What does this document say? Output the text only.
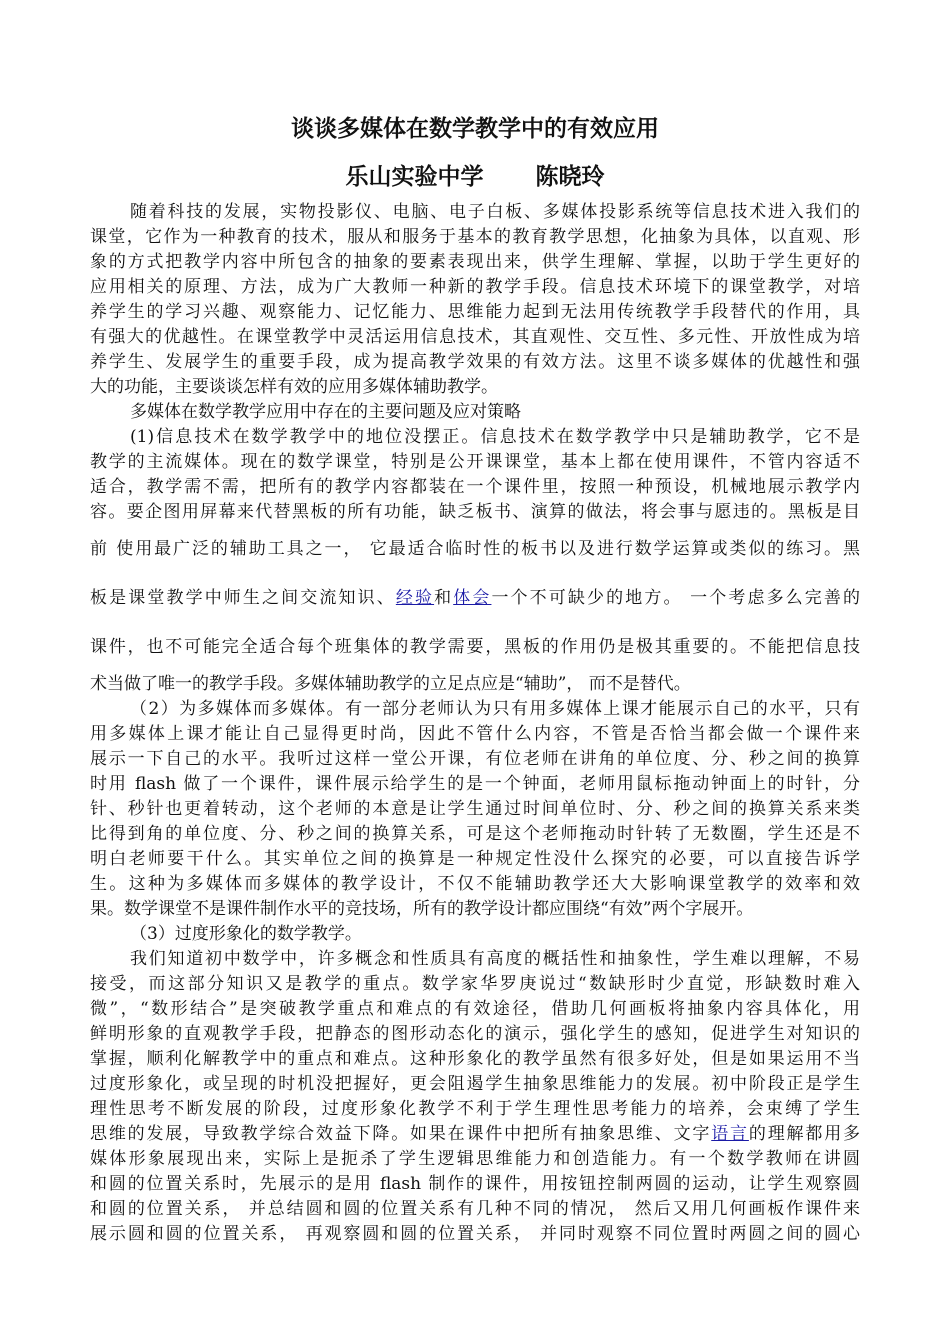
谈谈多媒体在数学教学中的有效应用
乐山实验中学 陈晓玲
随着科技的发展，实物投影仪、电脑、电子白板、多媒体投影系统等信息技术进入我们的
课堂，它作为一种教育的技术，服从和服务于基本的教育教学思想，化抽象为具体，以直观、形
象的方式把教学内容中所包含的抽象的要素表现出来，供学生理解、掌握，以助于学生更好的
应用相关的原理、方法，成为广大教师一种新的教学手段。信息技术环境下的课堂教学，对培
养学生的学习兴趣、观察能力、记忆能力、思维能力起到无法用传统教学手段替代的作用，具
有强大的优越性。在课堂教学中灵活运用信息技术，其直观性、交互性、多元性、开放性成为培
养学生、发展学生的重要手段，成为提高教学效果的有效方法。这里不谈多媒体的优越性和强
大的功能，主要谈谈怎样有效的应用多媒体辅助教学。
多媒体在数学教学应用中存在的主要问题及应对策略
(1)信息技术在数学教学中的地位没摆正。信息技术在数学教学中只是辅助教学，它不是
教学的主流媒体。现在的数学课堂，特别是公开课课堂，基本上都在使用课件，不管内容适不
适合，教学需不需，把所有的教学内容都装在一个课件里，按照一种预设，机械地展示教学内
容。要企图用屏幕来代替黑板的所有功能，缺乏板书、演算的做法，将会事与愿违的。黑板是目
前 使用最广泛的辅助工具之一， 它最适合临时性的板书以及进行数学运算或类似的练习。黑
板是课堂教学中师生之间交流知识、经验和体会一个不可缺少的地方。 一个考虑多么完善的
课件，也不可能完全适合每个班集体的教学需要，黑板的作用仍是极其重要的。不能把信息技
术当做了唯一的教学手段。多媒体辅助教学的立足点应是“辅助”， 而不是替代。
（2）为多媒体而多媒体。有一部分老师认为只有用多媒体上课才能展示自己的水平，只有
用多媒体上课才能让自己显得更时尚，因此不管什么内容，不管是否恰当都会做一个课件来
展示一下自己的水平。我听过这样一堂公开课，有位老师在讲角的单位度、分、秒之间的换算
时用 flash 做了一个课件，课件展示给学生的是一个钟面，老师用鼠标拖动钟面上的时针，分
针、秒针也更着转动，这个老师的本意是让学生通过时间单位时、分、秒之间的换算关系来类
比得到角的单位度、分、秒之间的换算关系，可是这个老师拖动时针转了无数圈，学生还是不
明白老师要干什么。其实单位之间的换算是一种规定性没什么探究的必要，可以直接告诉学
生。这种为多媒体而多媒体的教学设计，不仅不能辅助教学还大大影响课堂教学的效率和效
果。数学课堂不是课件制作水平的竞技场，所有的教学设计都应围绕“有效”两个字展开。
（3）过度形象化的数学教学。
我们知道初中数学中，许多概念和性质具有高度的概括性和抽象性，学生难以理解，不易
接受，而这部分知识又是教学的重点。数学家华罗庚说过“数缺形时少直觉，形缺数时难入
微”，“数形结合”是突破教学重点和难点的有效途径，借助几何画板将抽象内容具体化，用
鲜明形象的直观教学手段，把静态的图形动态化的演示，强化学生的感知，促进学生对知识的
掌握，顺利化解教学中的重点和难点。这种形象化的教学虽然有很多好处，但是如果运用不当
过度形象化，或呈现的时机没把握好，更会阻遏学生抽象思维能力的发展。初中阶段正是学生
理性思考不断发展的阶段，过度形象化教学不利于学生理性思考能力的培养，会束缚了学生
思维的发展，导致教学综合效益下降。如果在课件中把所有抽象思维、文字语言的理解都用多
媒体形象展现出来，实际上是扼杀了学生逻辑思维能力和创造能力。有一个数学教师在讲圆
和圆的位置关系时，先展示的是用 flash 制作的课件，用按钮控制两圆的运动，让学生观察圆
和圆的位置关系， 并总结圆和圆的位置关系有几种不同的情况， 然后又用几何画板作课件来
展示圆和圆的位置关系， 再观察圆和圆的位置关系， 并同时观察不同位置时两圆之间的圆心
